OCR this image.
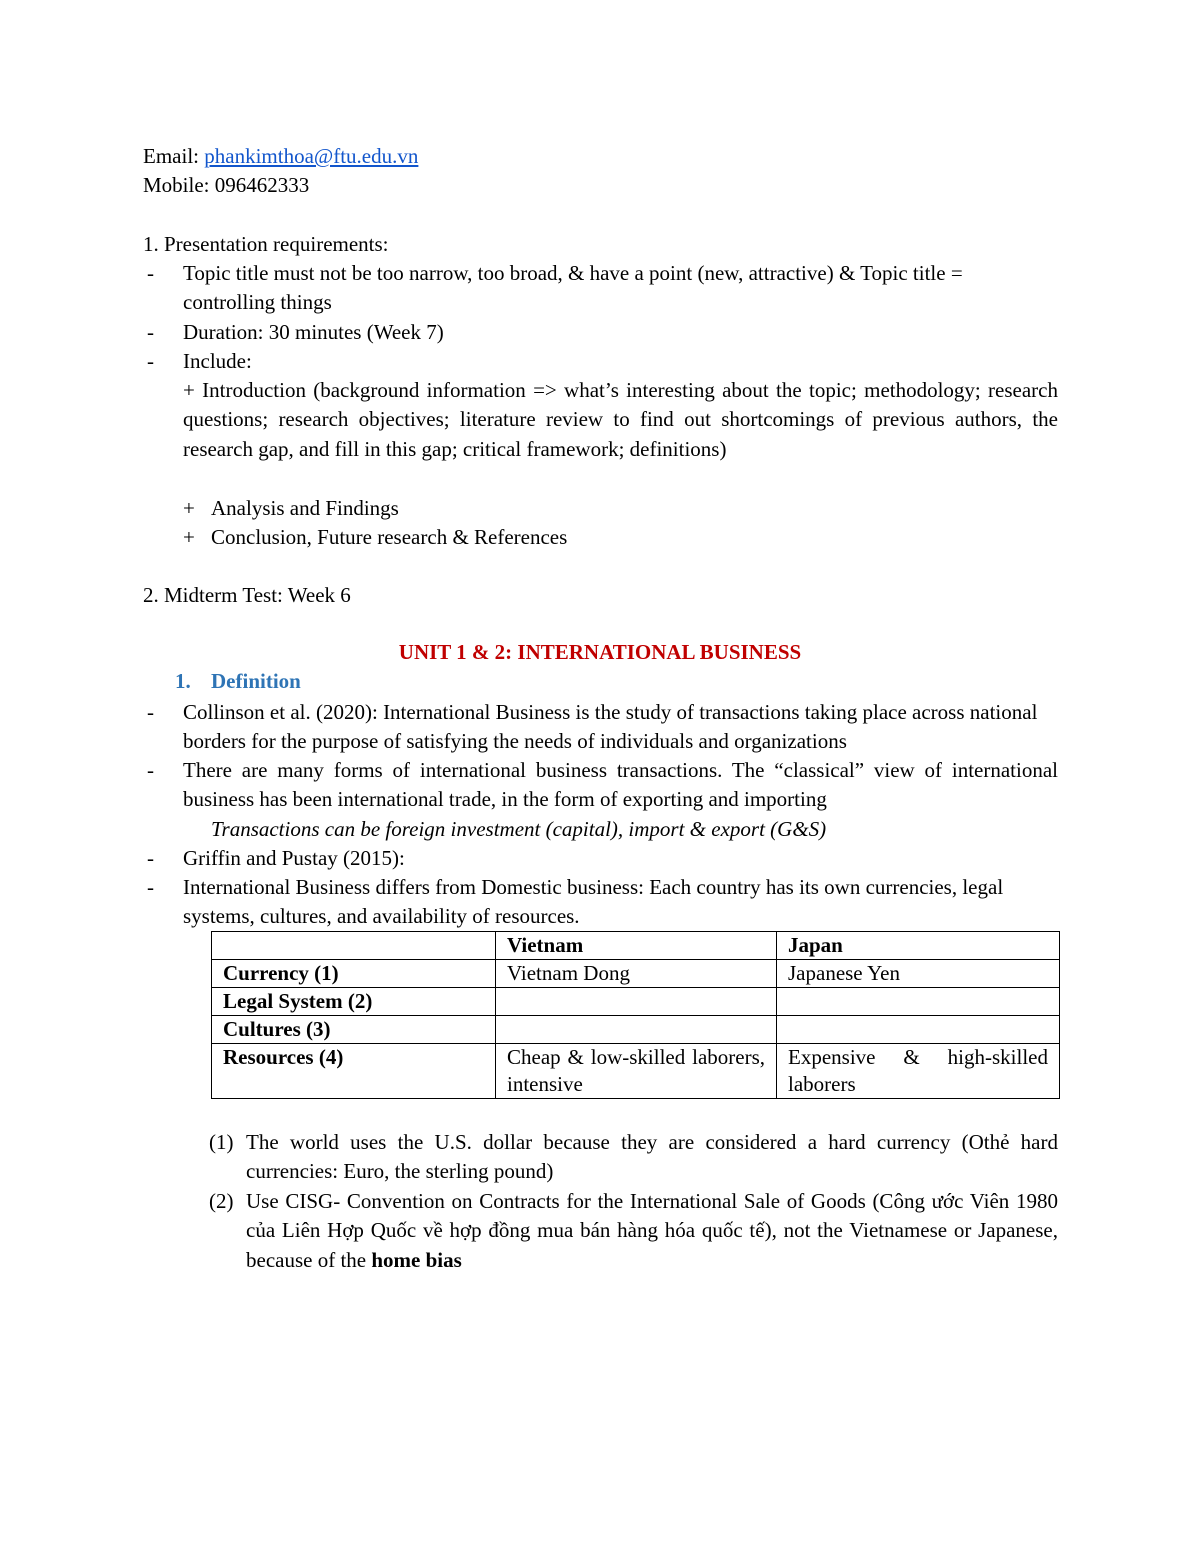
Email: phankimthoa@ftu.edu.vn
Mobile: 096462333
1. Presentation requirements:
- Topic title must not be too narrow, too broad, & have a point (new, attractive) & Topic title = controlling things
- Duration: 30 minutes (Week 7)
- Include:
+ Introduction (background information => what’s interesting about the topic; methodology; research questions; research objectives; literature review to find out shortcomings of previous authors, the research gap, and fill in this gap; critical framework; definitions)
+ Analysis and Findings
+ Conclusion, Future research & References
2. Midterm Test: Week 6
UNIT 1 & 2: INTERNATIONAL BUSINESS
1. Definition
- Collinson et al. (2020): International Business is the study of transactions taking place across national borders for the purpose of satisfying the needs of individuals and organizations
- There are many forms of international business transactions. The “classical” view of international business has been international trade, in the form of exporting and importing
Transactions can be foreign investment (capital), import & export (G&S)
- Griffin and Pustay (2015):
- International Business differs from Domestic business: Each country has its own currencies, legal systems, cultures, and availability of resources.
	Vietnam	Japan
Currency (1)	Vietnam Dong	Japanese Yen
Legal System (2)		
Cultures (3)		
Resources (4)	Cheap & low-skilled laborers, intensive	Expensive & high-skilled laborers
(1) The world uses the U.S. dollar because they are considered a hard currency (Othẻ hard currencies: Euro, the sterling pound)
(2) Use CISG- Convention on Contracts for the International Sale of Goods (Công ước Viên 1980 của Liên Hợp Quốc về hợp đồng mua bán hàng hóa quốc tế), not the Vietnamese or Japanese, because of the home bias
